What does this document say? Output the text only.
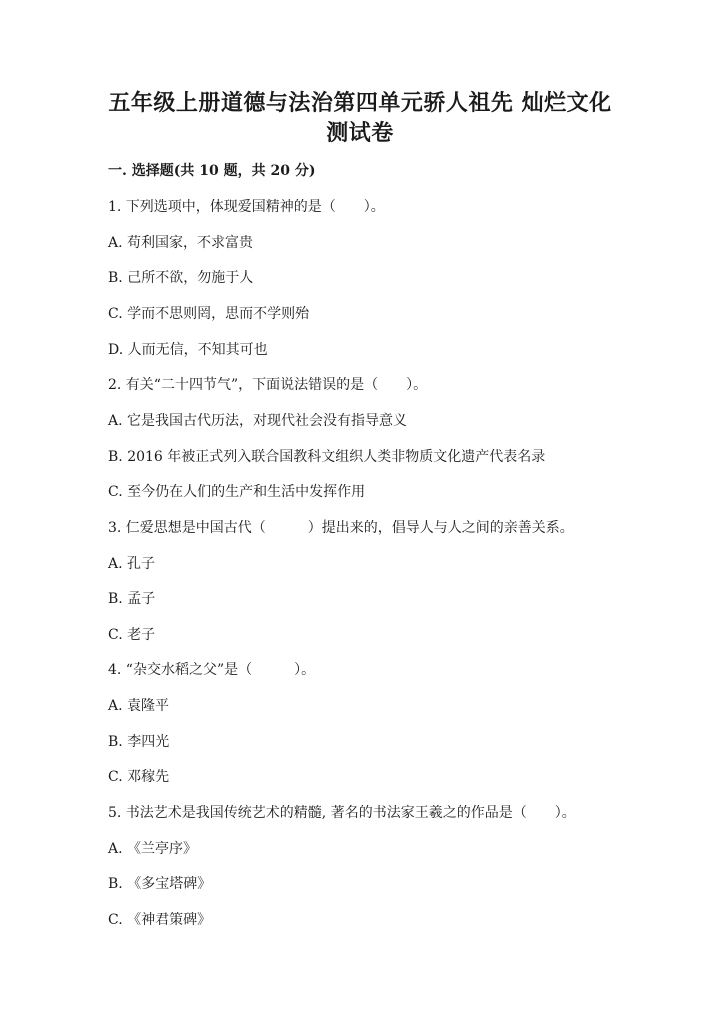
五年级上册道德与法治第四单元骄人祖先 灿烂文化
测试卷

一. 选择题(共 10 题，共 20 分)

1. 下列选项中，体现爱国精神的是（　　）。

A. 苟利国家，不求富贵

B. 己所不欲，勿施于人

C. 学而不思则罔，思而不学则殆

D. 人而无信，不知其可也

2. 有关“二十四节气”，下面说法错误的是（　　）。

A. 它是我国古代历法，对现代社会没有指导意义

B. 2016 年被正式列入联合国教科文组织人类非物质文化遗产代表名录

C. 至今仍在人们的生产和生活中发挥作用

3. 仁爱思想是中国古代（　　　）提出来的，倡导人与人之间的亲善关系。

A. 孔子

B. 孟子

C. 老子

4. “杂交水稻之父”是（　　　）。

A. 袁隆平

B. 李四光

C. 邓稼先

5. 书法艺术是我国传统艺术的精髓, 著名的书法家王羲之的作品是（　　）。

A. 《兰亭序》

B. 《多宝塔碑》

C. 《神君策碑》
